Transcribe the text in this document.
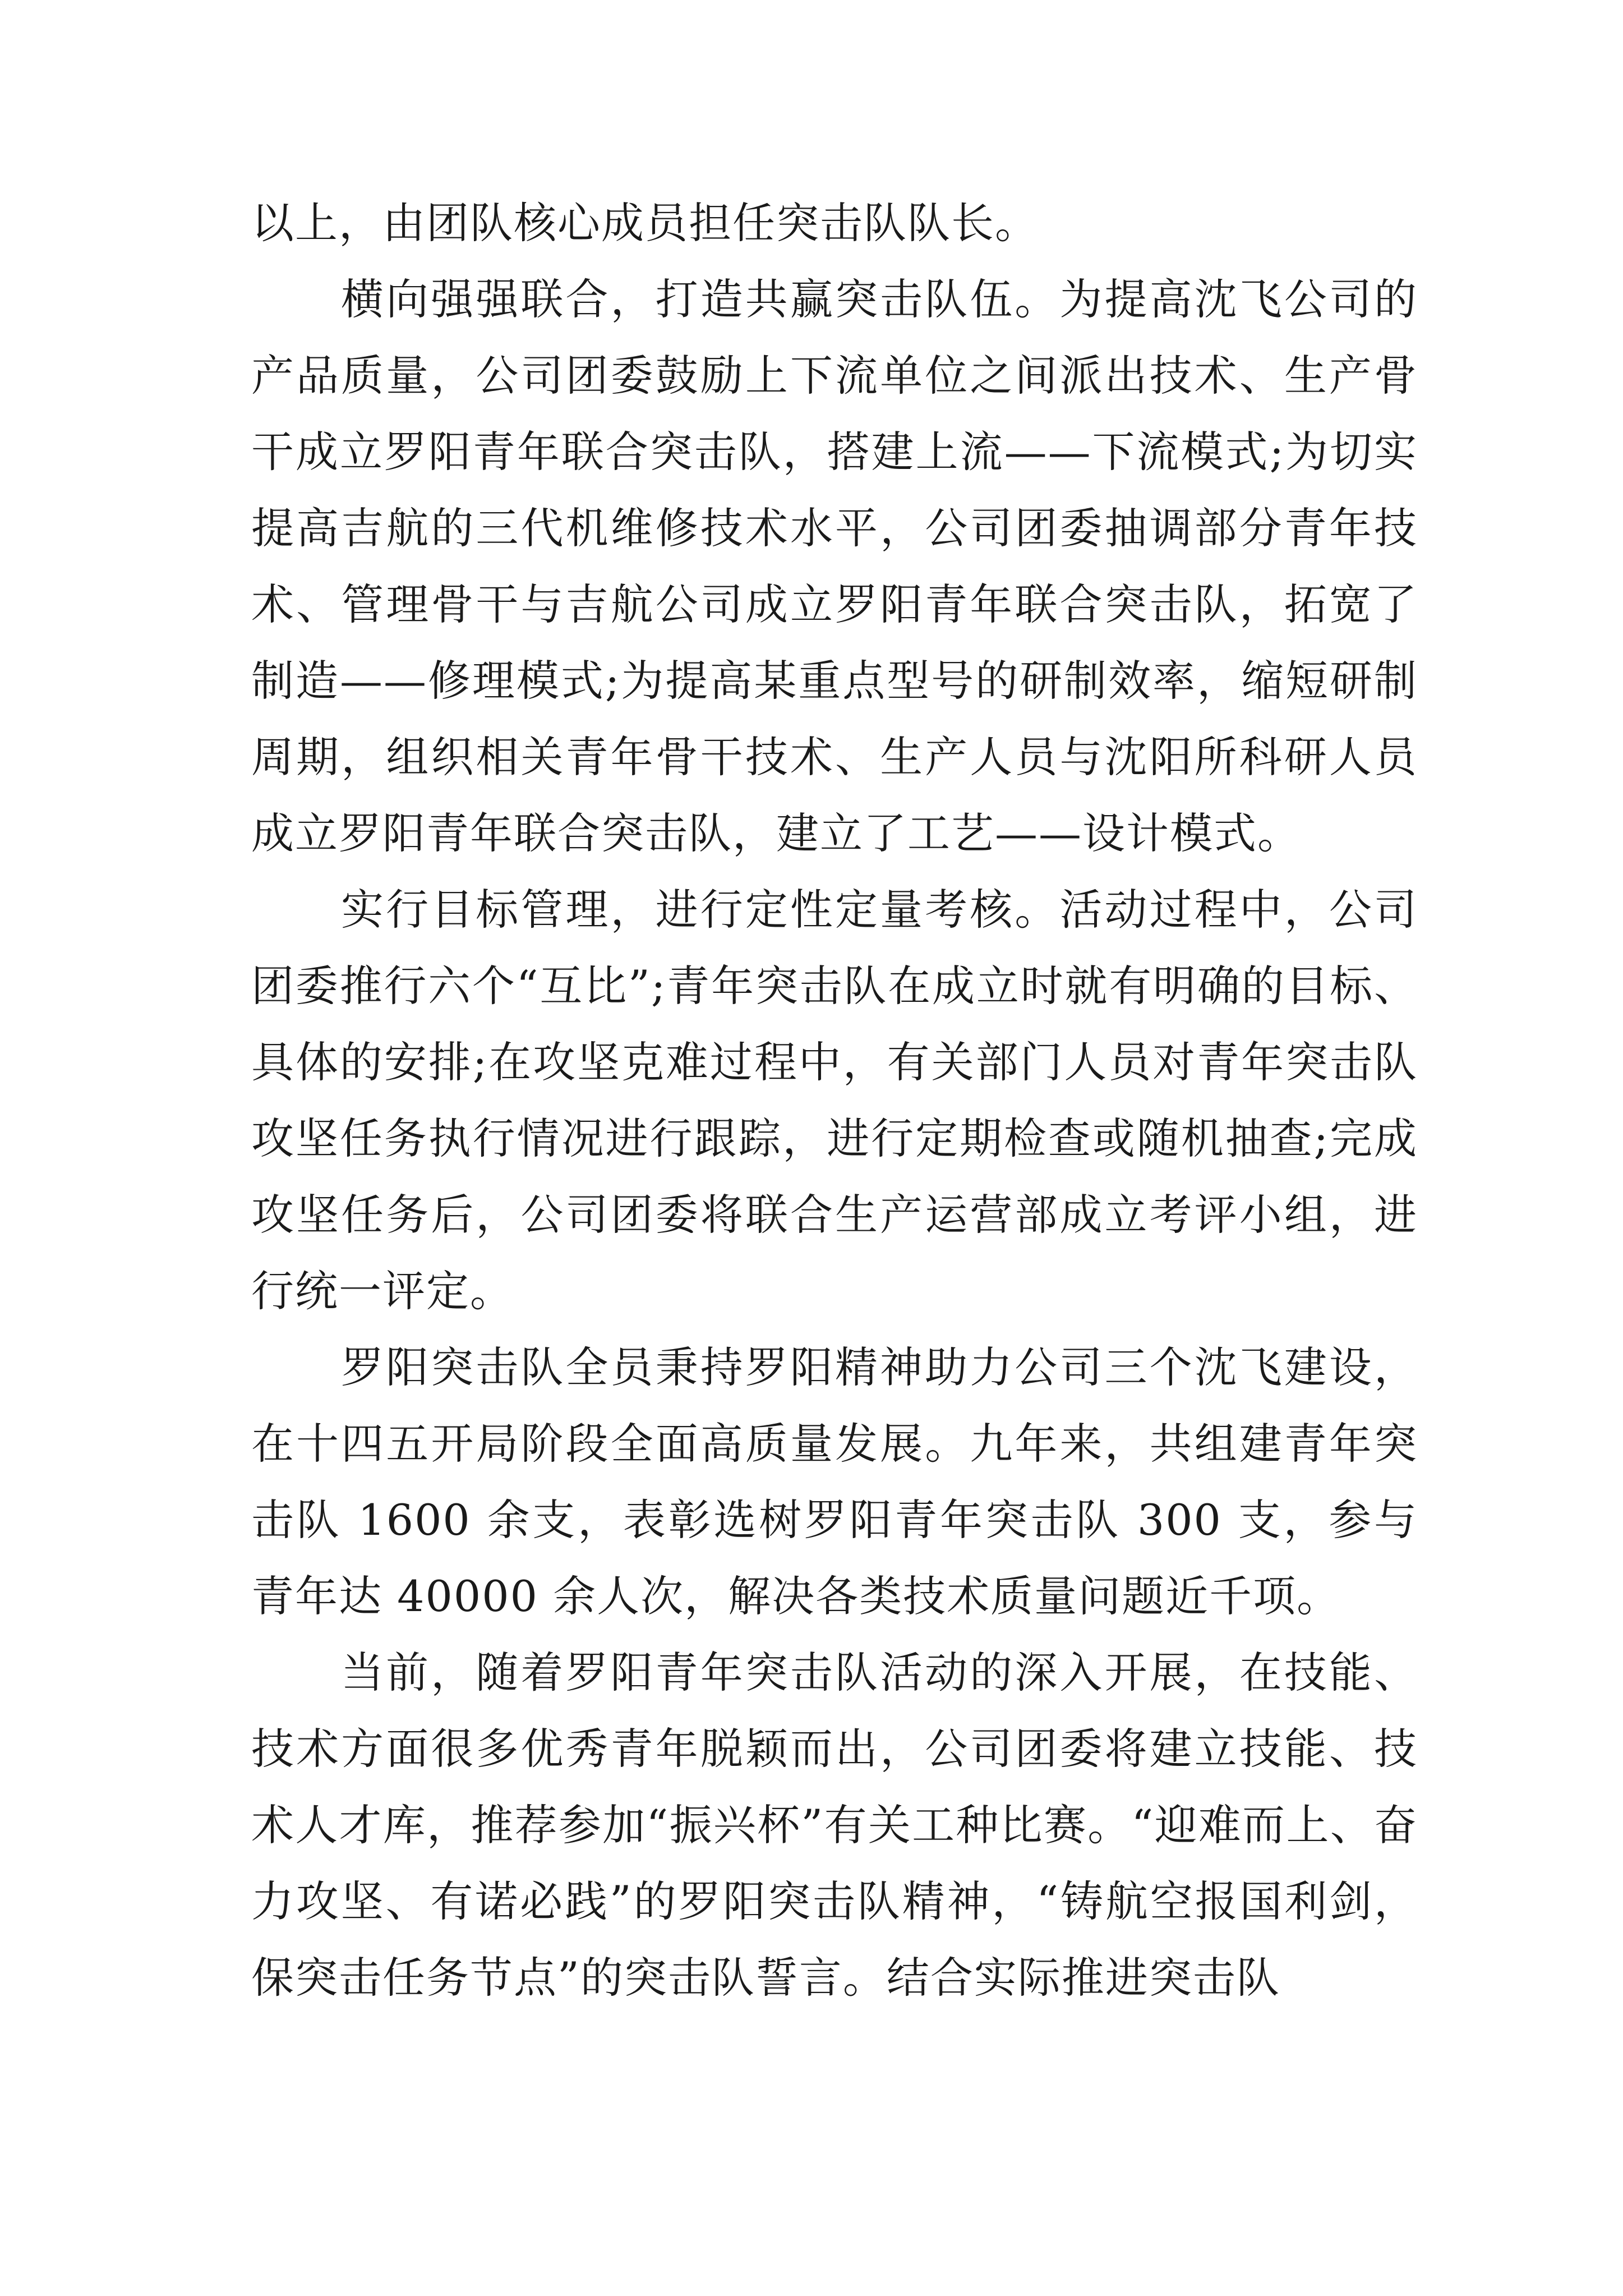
以上，由团队核心成员担任突击队队长。

横向强强联合，打造共赢突击队伍。为提高沈飞公司的产品质量，公司团委鼓励上下流单位之间派出技术、生产骨干成立罗阳青年联合突击队，搭建上流——下流模式;为切实提高吉航的三代机维修技术水平，公司团委抽调部分青年技术、管理骨干与吉航公司成立罗阳青年联合突击队，拓宽了制造——修理模式;为提高某重点型号的研制效率，缩短研制周期，组织相关青年骨干技术、生产人员与沈阳所科研人员成立罗阳青年联合突击队，建立了工艺——设计模式。

实行目标管理，进行定性定量考核。活动过程中，公司团委推行六个“互比”;青年突击队在成立时就有明确的目标、具体的安排;在攻坚克难过程中，有关部门人员对青年突击队攻坚任务执行情况进行跟踪，进行定期检查或随机抽查;完成攻坚任务后，公司团委将联合生产运营部成立考评小组，进行统一评定。

罗阳突击队全员秉持罗阳精神助力公司三个沈飞建设，在十四五开局阶段全面高质量发展。九年来，共组建青年突击队 1600 余支，表彰选树罗阳青年突击队 300 支，参与青年达 40000 余人次，解决各类技术质量问题近千项。

当前，随着罗阳青年突击队活动的深入开展，在技能、技术方面很多优秀青年脱颖而出，公司团委将建立技能、技术人才库，推荐参加“振兴杯”有关工种比赛。“迎难而上、奋力攻坚、有诺必践”的罗阳突击队精神，“铸航空报国利剑，保突击任务节点”的突击队誓言。结合实际推进突击队
